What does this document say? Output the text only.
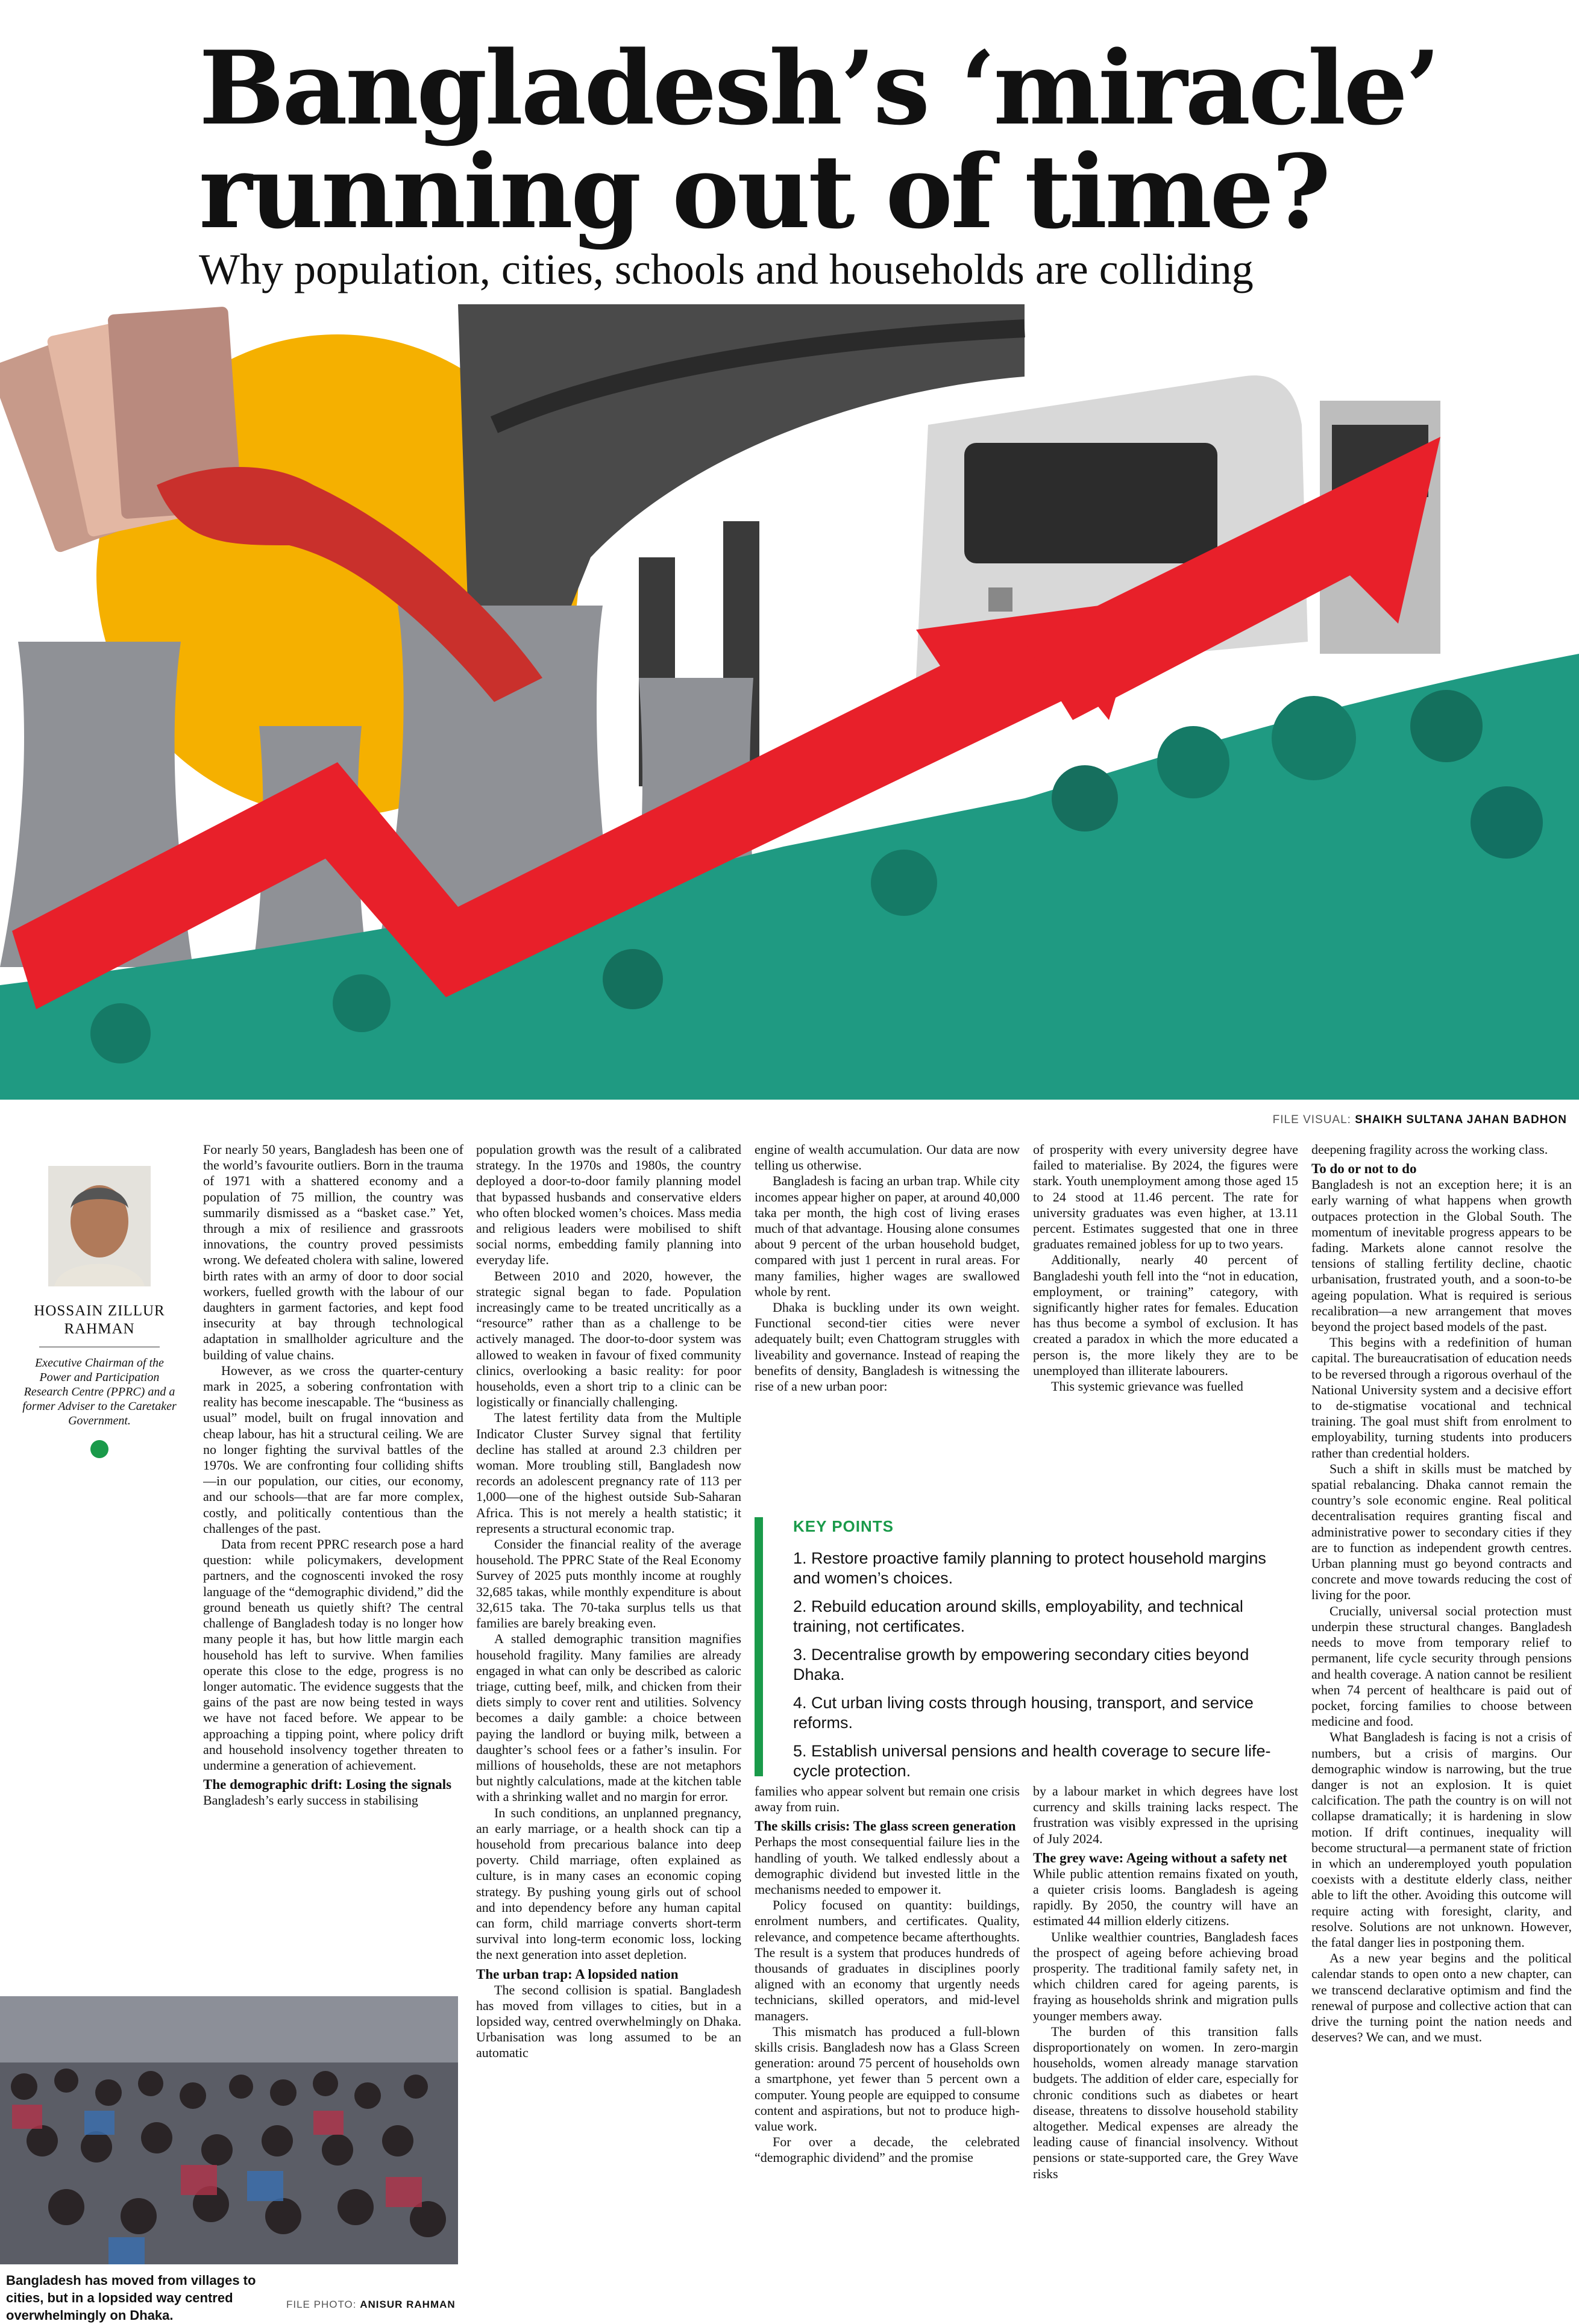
Bangladesh’s ‘miracle’ running out of time?

Why population, cities, schools and households are colliding

FILE VISUAL: SHAIKH SULTANA JAHAN BADHON
HOSSAIN ZILLUR RAHMAN
Executive Chairman of the Power and Participation Research Centre (PPRC) and a former Adviser to the Caretaker Government.

For nearly 50 years, Bangladesh has been one of the world’s favourite outliers. Born in the trauma of 1971 with a shattered economy and a population of 75 million, the country was summarily dismissed as a “basket case.” Yet, through a mix of resilience and grassroots innovations, the country proved pessimists wrong. We defeated cholera with saline, lowered birth rates with an army of door to door social workers, fuelled growth with the labour of our daughters in garment factories, and kept food insecurity at bay through technological adaptation in smallholder agriculture and the building of value chains.

However, as we cross the quarter-century mark in 2025, a sobering confrontation with reality has become inescapable. The “business as usual” model, built on frugal innovation and cheap labour, has hit a structural ceiling. We are no longer fighting the survival battles of the 1970s. We are confronting four colliding shifts—in our population, our cities, our economy, and our schools—that are far more complex, costly, and politically contentious than the challenges of the past.

Data from recent PPRC research pose a hard question: while policymakers, development partners, and the cognoscenti invoked the rosy language of the “demographic dividend,” did the ground beneath us quietly shift? The central challenge of Bangladesh today is no longer how many people it has, but how little margin each household has left to survive. When families operate this close to the edge, progress is no longer automatic. The evidence suggests that the gains of the past are now being tested in ways we have not faced before. We appear to be approaching a tipping point, where policy drift and household insolvency together threaten to undermine a generation of achievement.

The demographic drift: Losing the signals

Bangladesh’s early success in stabilising

population growth was the result of a calibrated strategy. In the 1970s and 1980s, the country deployed a door-to-door family planning model that bypassed husbands and conservative elders who often blocked women’s choices. Mass media and religious leaders were mobilised to shift social norms, embedding family planning into everyday life.

Between 2010 and 2020, however, the strategic signal began to fade. Population increasingly came to be treated uncritically as a “resource” rather than as a challenge to be actively managed. The door-to-door system was allowed to weaken in favour of fixed community clinics, overlooking a basic reality: for poor households, even a short trip to a clinic can be logistically or financially challenging.

The latest fertility data from the Multiple Indicator Cluster Survey signal that fertility decline has stalled at around 2.3 children per woman. More troubling still, Bangladesh now records an adolescent pregnancy rate of 113 per 1,000—one of the highest outside Sub-Saharan Africa. This is not merely a health statistic; it represents a structural economic trap.

Consider the financial reality of the average household. The PPRC State of the Real Economy Survey of 2025 puts monthly income at roughly 32,685 takas, while monthly expenditure is about 32,615 taka. The 70-taka surplus tells us that families are barely breaking even.

A stalled demographic transition magnifies household fragility. Many families are already engaged in what can only be described as caloric triage, cutting beef, milk, and chicken from their diets simply to cover rent and utilities. Solvency becomes a daily gamble: a choice between paying the landlord or buying milk, between a daughter’s school fees or a father’s insulin. For millions of households, these are not metaphors but nightly calculations, made at the kitchen table with a shrinking wallet and no margin for error.

In such conditions, an unplanned pregnancy, an early marriage, or a health shock can tip a household from precarious balance into deep poverty. Child marriage, often explained as culture, is in many cases an economic coping strategy. By pushing young girls out of school and into dependency before any human capital can form, child marriage converts short-term survival into long-term economic loss, locking the next generation into asset depletion.

The urban trap: A lopsided nation

The second collision is spatial. Bangladesh has moved from villages to cities, but in a lopsided way, centred overwhelmingly on Dhaka. Urbanisation was long assumed to be an automatic

engine of wealth accumulation. Our data are now telling us otherwise.

Bangladesh is facing an urban trap. While city incomes appear higher on paper, at around 40,000 taka per month, the high cost of living erases much of that advantage. Housing alone consumes about 9 percent of the urban household budget, compared with just 1 percent in rural areas. For many families, higher wages are swallowed whole by rent.

Dhaka is buckling under its own weight. Functional second-tier cities were never adequately built; even Chattogram struggles with liveability and governance. Instead of reaping the benefits of density, Bangladesh is witnessing the rise of a new urban poor:

of prosperity with every university degree have failed to materialise. By 2024, the figures were stark. Youth unemployment among those aged 15 to 24 stood at 11.46 percent. The rate for university graduates was even higher, at 13.11 percent. Estimates suggested that one in three graduates remained jobless for up to two years.

Additionally, nearly 40 percent of Bangladeshi youth fell into the “not in education, employment, or training” category, with significantly higher rates for females. Education has thus become a symbol of exclusion. It has created a paradox in which the more educated a person is, the more likely they are to be unemployed than illiterate labourers.

This systemic grievance was fuelled

KEY POINTS
1. Restore proactive family planning to protect household margins and women’s choices.
2. Rebuild education around skills, employability, and technical training, not certificates.
3. Decentralise growth by empowering secondary cities beyond Dhaka.
4. Cut urban living costs through housing, transport, and service reforms.
5. Establish universal pensions and health coverage to secure life-cycle protection.

families who appear solvent but remain one crisis away from ruin.

The skills crisis: The glass screen generation

Perhaps the most consequential failure lies in the handling of youth. We talked endlessly about a demographic dividend but invested little in the mechanisms needed to empower it.

Policy focused on quantity: buildings, enrolment numbers, and certificates. Quality, relevance, and competence became afterthoughts. The result is a system that produces hundreds of thousands of graduates in disciplines poorly aligned with an economy that urgently needs technicians, skilled operators, and mid-level managers.

This mismatch has produced a full-blown skills crisis. Bangladesh now has a Glass Screen generation: around 75 percent of households own a smartphone, yet fewer than 5 percent own a computer. Young people are equipped to consume content and aspirations, but not to produce high-value work.

For over a decade, the celebrated “demographic dividend” and the promise

by a labour market in which degrees have lost currency and skills training lacks respect. The frustration was visibly expressed in the uprising of July 2024.

The grey wave: Ageing without a safety net

While public attention remains fixated on youth, a quieter crisis looms. Bangladesh is ageing rapidly. By 2050, the country will have an estimated 44 million elderly citizens.

Unlike wealthier countries, Bangladesh faces the prospect of ageing before achieving broad prosperity. The traditional family safety net, in which children cared for ageing parents, is fraying as households shrink and migration pulls younger members away.

The burden of this transition falls disproportionately on women. In zero-margin households, women already manage starvation budgets. The addition of elder care, especially for chronic conditions such as diabetes or heart disease, threatens to dissolve household stability altogether. Medical expenses are already the leading cause of financial insolvency. Without pensions or state-supported care, the Grey Wave risks

deepening fragility across the working class.

To do or not to do

Bangladesh is not an exception here; it is an early warning of what happens when growth outpaces protection in the Global South. The momentum of inevitable progress appears to be fading. Markets alone cannot resolve the tensions of stalling fertility decline, chaotic urbanisation, frustrated youth, and a soon-to-be ageing population. What is required is serious recalibration—a new arrangement that moves beyond the project based models of the past.

This begins with a redefinition of human capital. The bureaucratisation of education needs to be reversed through a rigorous overhaul of the National University system and a decisive effort to de-stigmatise vocational and technical training. The goal must shift from enrolment to employability, turning students into producers rather than credential holders.

Such a shift in skills must be matched by spatial rebalancing. Dhaka cannot remain the country’s sole economic engine. Real political decentralisation requires granting fiscal and administrative power to secondary cities if they are to function as independent growth centres. Urban planning must go beyond contracts and concrete and move towards reducing the cost of living for the poor.

Crucially, universal social protection must underpin these structural changes. Bangladesh needs to move from temporary relief to permanent, life cycle security through pensions and health coverage. A nation cannot be resilient when 74 percent of healthcare is paid out of pocket, forcing families to choose between medicine and food.

What Bangladesh is facing is not a crisis of numbers, but a crisis of margins. Our demographic window is narrowing, but the true danger is not an explosion. It is quiet calcification. The path the country is on will not collapse dramatically; it is hardening in slow motion. If drift continues, inequality will become structural—a permanent state of friction in which an underemployed youth population coexists with a destitute elderly class, neither able to lift the other. Avoiding this outcome will require acting with foresight, clarity, and resolve. Solutions are not unknown. However, the fatal danger lies in postponing them.

As a new year begins and the political calendar stands to open onto a new chapter, can we transcend declarative optimism and find the renewal of purpose and collective action that can drive the turning point the nation needs and deserves? We can, and we must.

Bangladesh has moved from villages to cities, but in a lopsided way centred overwhelmingly on Dhaka.
FILE PHOTO: ANISUR RAHMAN
